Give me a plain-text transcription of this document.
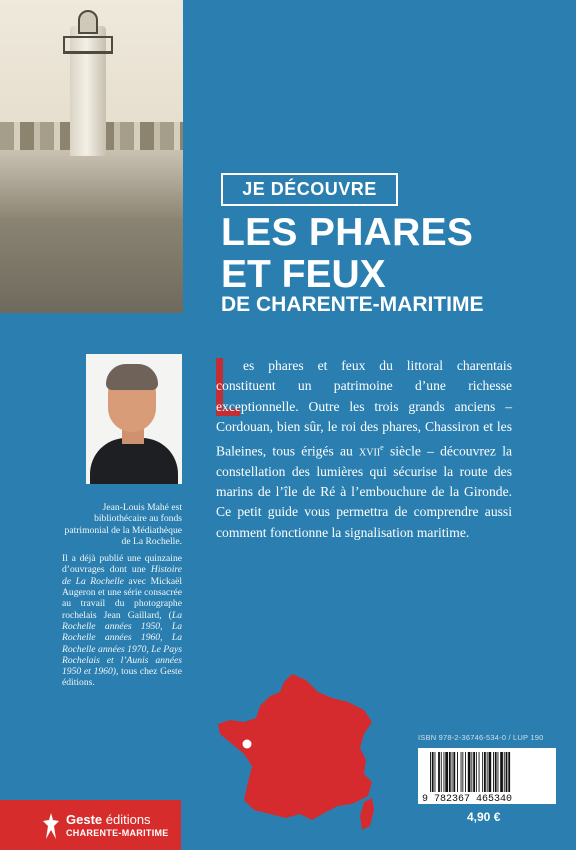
JE DÉCOUVRE
LES PHARES
ET FEUX
DE CHARENTE-MARITIME

Jean-Louis Mahé est bibliothécaire au fonds patrimonial de la Médiathèque de La Rochelle.

Il a déjà publié une quinzaine d’ouvrages dont une Histoire de La Rochelle avec Mickaël Augeron et une série consacrée au travail du photographe rochelais Jean Gaillard, (La Rochelle années 1950, La Rochelle années 1960, La Rochelle années 1970, Le Pays Rochelais et l’Aunis années 1950 et 1960), tous chez Geste éditions.

es phares et feux du littoral charentais constituent un patrimoine d’une richesse exceptionnelle. Outre les trois grands anciens – Cordouan, bien sûr, le roi des phares, Chassiron et les Baleines, tous érigés au xvii$^e$ siècle – découvrez la constellation des lumières qui sécurise la route des marins de l’île de Ré à l’embouchure de la Gironde. Ce petit guide vous permettra de comprendre aussi comment fonctionne la signalisation maritime.

ISBN 978-2-36746-534-0 / LUP 190
9 782367 465340
4,90 €
Geste éditions
CHARENTE-MARITIME
